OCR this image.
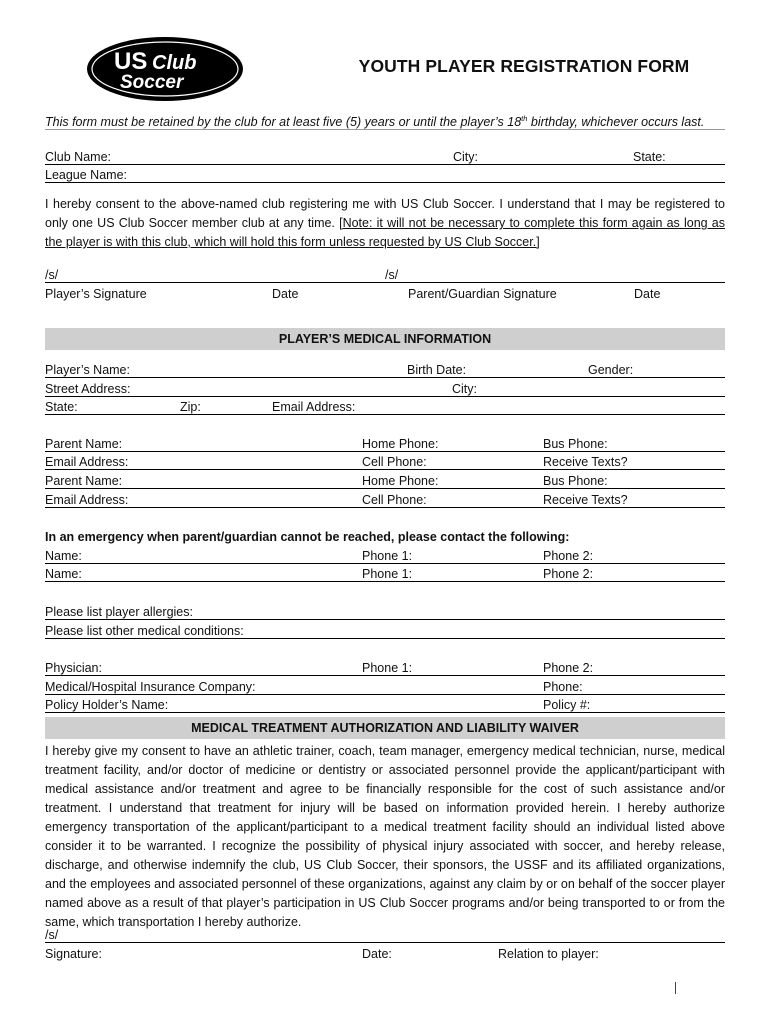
US Club
Soccer
YOUTH PLAYER REGISTRATION FORM
This form must be retained by the club for at least five (5) years or until the player’s 18th birthday, whichever occurs last.
Club Name:	City:	State:
League Name:
I hereby consent to the above-named club registering me with US Club Soccer. I understand that I may be registered to only one US Club Soccer member club at any time. [Note: it will not be necessary to complete this form again as long as the player is with this club, which will hold this form unless requested by US Club Soccer.]
/s/	/s/
Player’s Signature	Date	Parent/Guardian Signature	Date
PLAYER’S MEDICAL INFORMATION
Player’s Name:	Birth Date:	Gender:
Street Address:	City:
State:	Zip:	Email Address:
Parent Name:	Home Phone:	Bus Phone:
Email Address:	Cell Phone:	Receive Texts?
Parent Name:	Home Phone:	Bus Phone:
Email Address:	Cell Phone:	Receive Texts?
In an emergency when parent/guardian cannot be reached, please contact the following:
Name:	Phone 1:	Phone 2:
Name:	Phone 1:	Phone 2:
Please list player allergies:
Please list other medical conditions:
Physician:	Phone 1:	Phone 2:
Medical/Hospital Insurance Company:	Phone:
Policy Holder’s Name:	Policy #:
MEDICAL TREATMENT AUTHORIZATION AND LIABILITY WAIVER
I hereby give my consent to have an athletic trainer, coach, team manager, emergency medical technician, nurse, medical treatment facility, and/or doctor of medicine or dentistry or associated personnel provide the applicant/participant with medical assistance and/or treatment and agree to be financially responsible for the cost of such assistance and/or treatment. I understand that treatment for injury will be based on information provided herein. I hereby authorize emergency transportation of the applicant/participant to a medical treatment facility should an individual listed above consider it to be warranted. I recognize the possibility of physical injury associated with soccer, and hereby release, discharge, and otherwise indemnify the club, US Club Soccer, their sponsors, the USSF and its affiliated organizations, and the employees and associated personnel of these organizations, against any claim by or on behalf of the soccer player named above as a result of that player’s participation in US Club Soccer programs and/or being transported to or from the same, which transportation I hereby authorize.
/s/
Signature:	Date:	Relation to player:
